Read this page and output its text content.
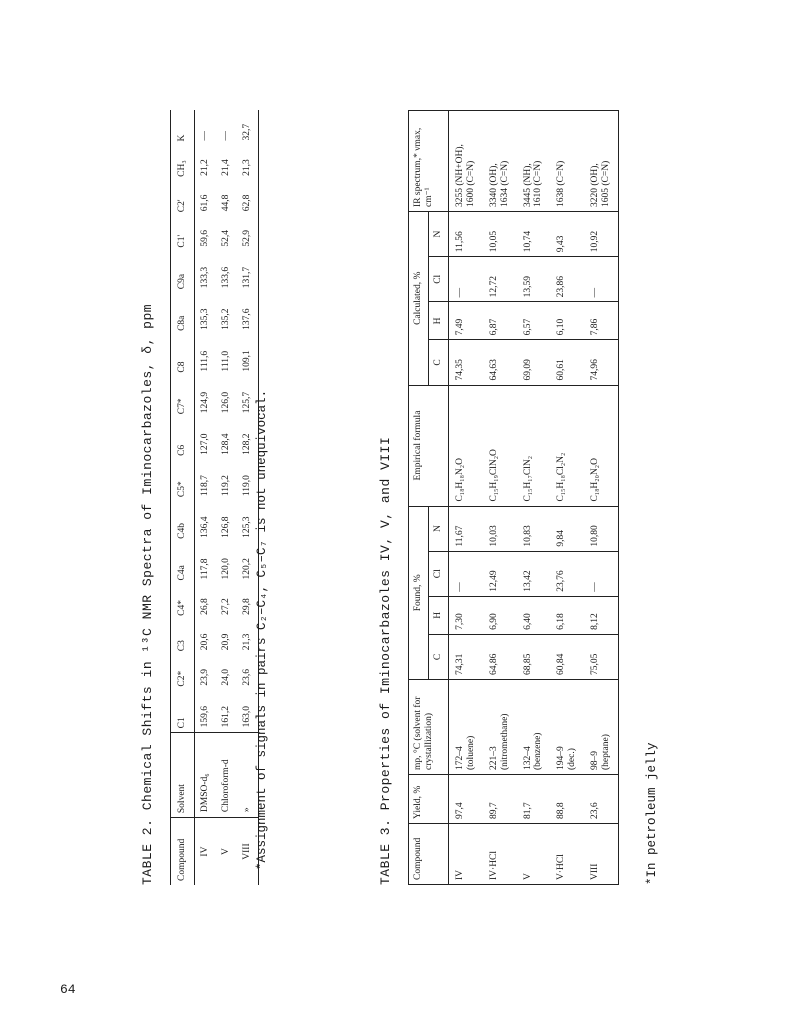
64
TABLE 2. Chemical Shifts in ¹³C NMR Spectra of Iminocarbazoles, δ, ppm Compound	Solvent	C1	C2*	C3	C4*	C4a	C4b	C5*	C6	C7*	C8	C8a	C9a	C1'	C2'	CH₃	K
IV	DMSO-d₆	159,6	23,9	20,6	26,8	117,8	136,4	118,7	127,0	124,9	111,6	135,3	133,3	59,6	61,6	21,2	—
V	Chloroform-d	161,2	24,0	20,9	27,2	120,0	126,8	119,2	128,4	126,0	111,0	135,2	133,6	52,4	44,8	21,4	—
VIII	»	163,0	23,6	21,3	29,8	120,2	125,3	119,0	128,2	125,7	109,1	137,6	131,7	52,9	62,8	21,3	32,7
*Assignment of signals in pairs C₂–C₄, C₅–C₇ is not unequivocal.	TABLE 3. Properties of Iminocarbazoles IV, V, and VIII Compound	Yield, %	mp, °C (solvent for crystallization)	Found, %				Empirical formula	Calculated, %				IR spectrum,* νmax, cm⁻¹
			C	H	Cl	N		C	H	Cl	N	

IV	97,4	172–4 (toluene)	74,31	7,30	—	11,67	C₁₈H₁₈N₂O	74,35	7,49	—	11,56	3255 (NH+OH), 1600 (C=N)

IV·HCl	89,7	221–3 (nitromethane)	64,86	6,90	12,49	10,03	C₁₅H₁₉ClN₂O	64,63	6,87	12,72	10,05	3340 (OH), 1634 (C=N)

V	81,7	132–4 (benzene)	68,85	6,40	13,42	10,83	C₁₅H₁₇ClN₂	69,09	6,57	13,59	10,74	3445 (NH), 1610 (C=N)

V·HCl	88,8	194–9 (dec.)	60,84	6,18	23,76	9,84	C₁₅H₁₈Cl₂N₂	60,61	6,10	23,86	9,43	1638 (C=N)

VIII	23,6	98–9 (heptane)	75,05	8,12	—	10,80	C₁₈H₂₀N₂O	74,96	7,86	—	10,92	3220 (OH), 1605 (C=N)
*In petroleum jelly
